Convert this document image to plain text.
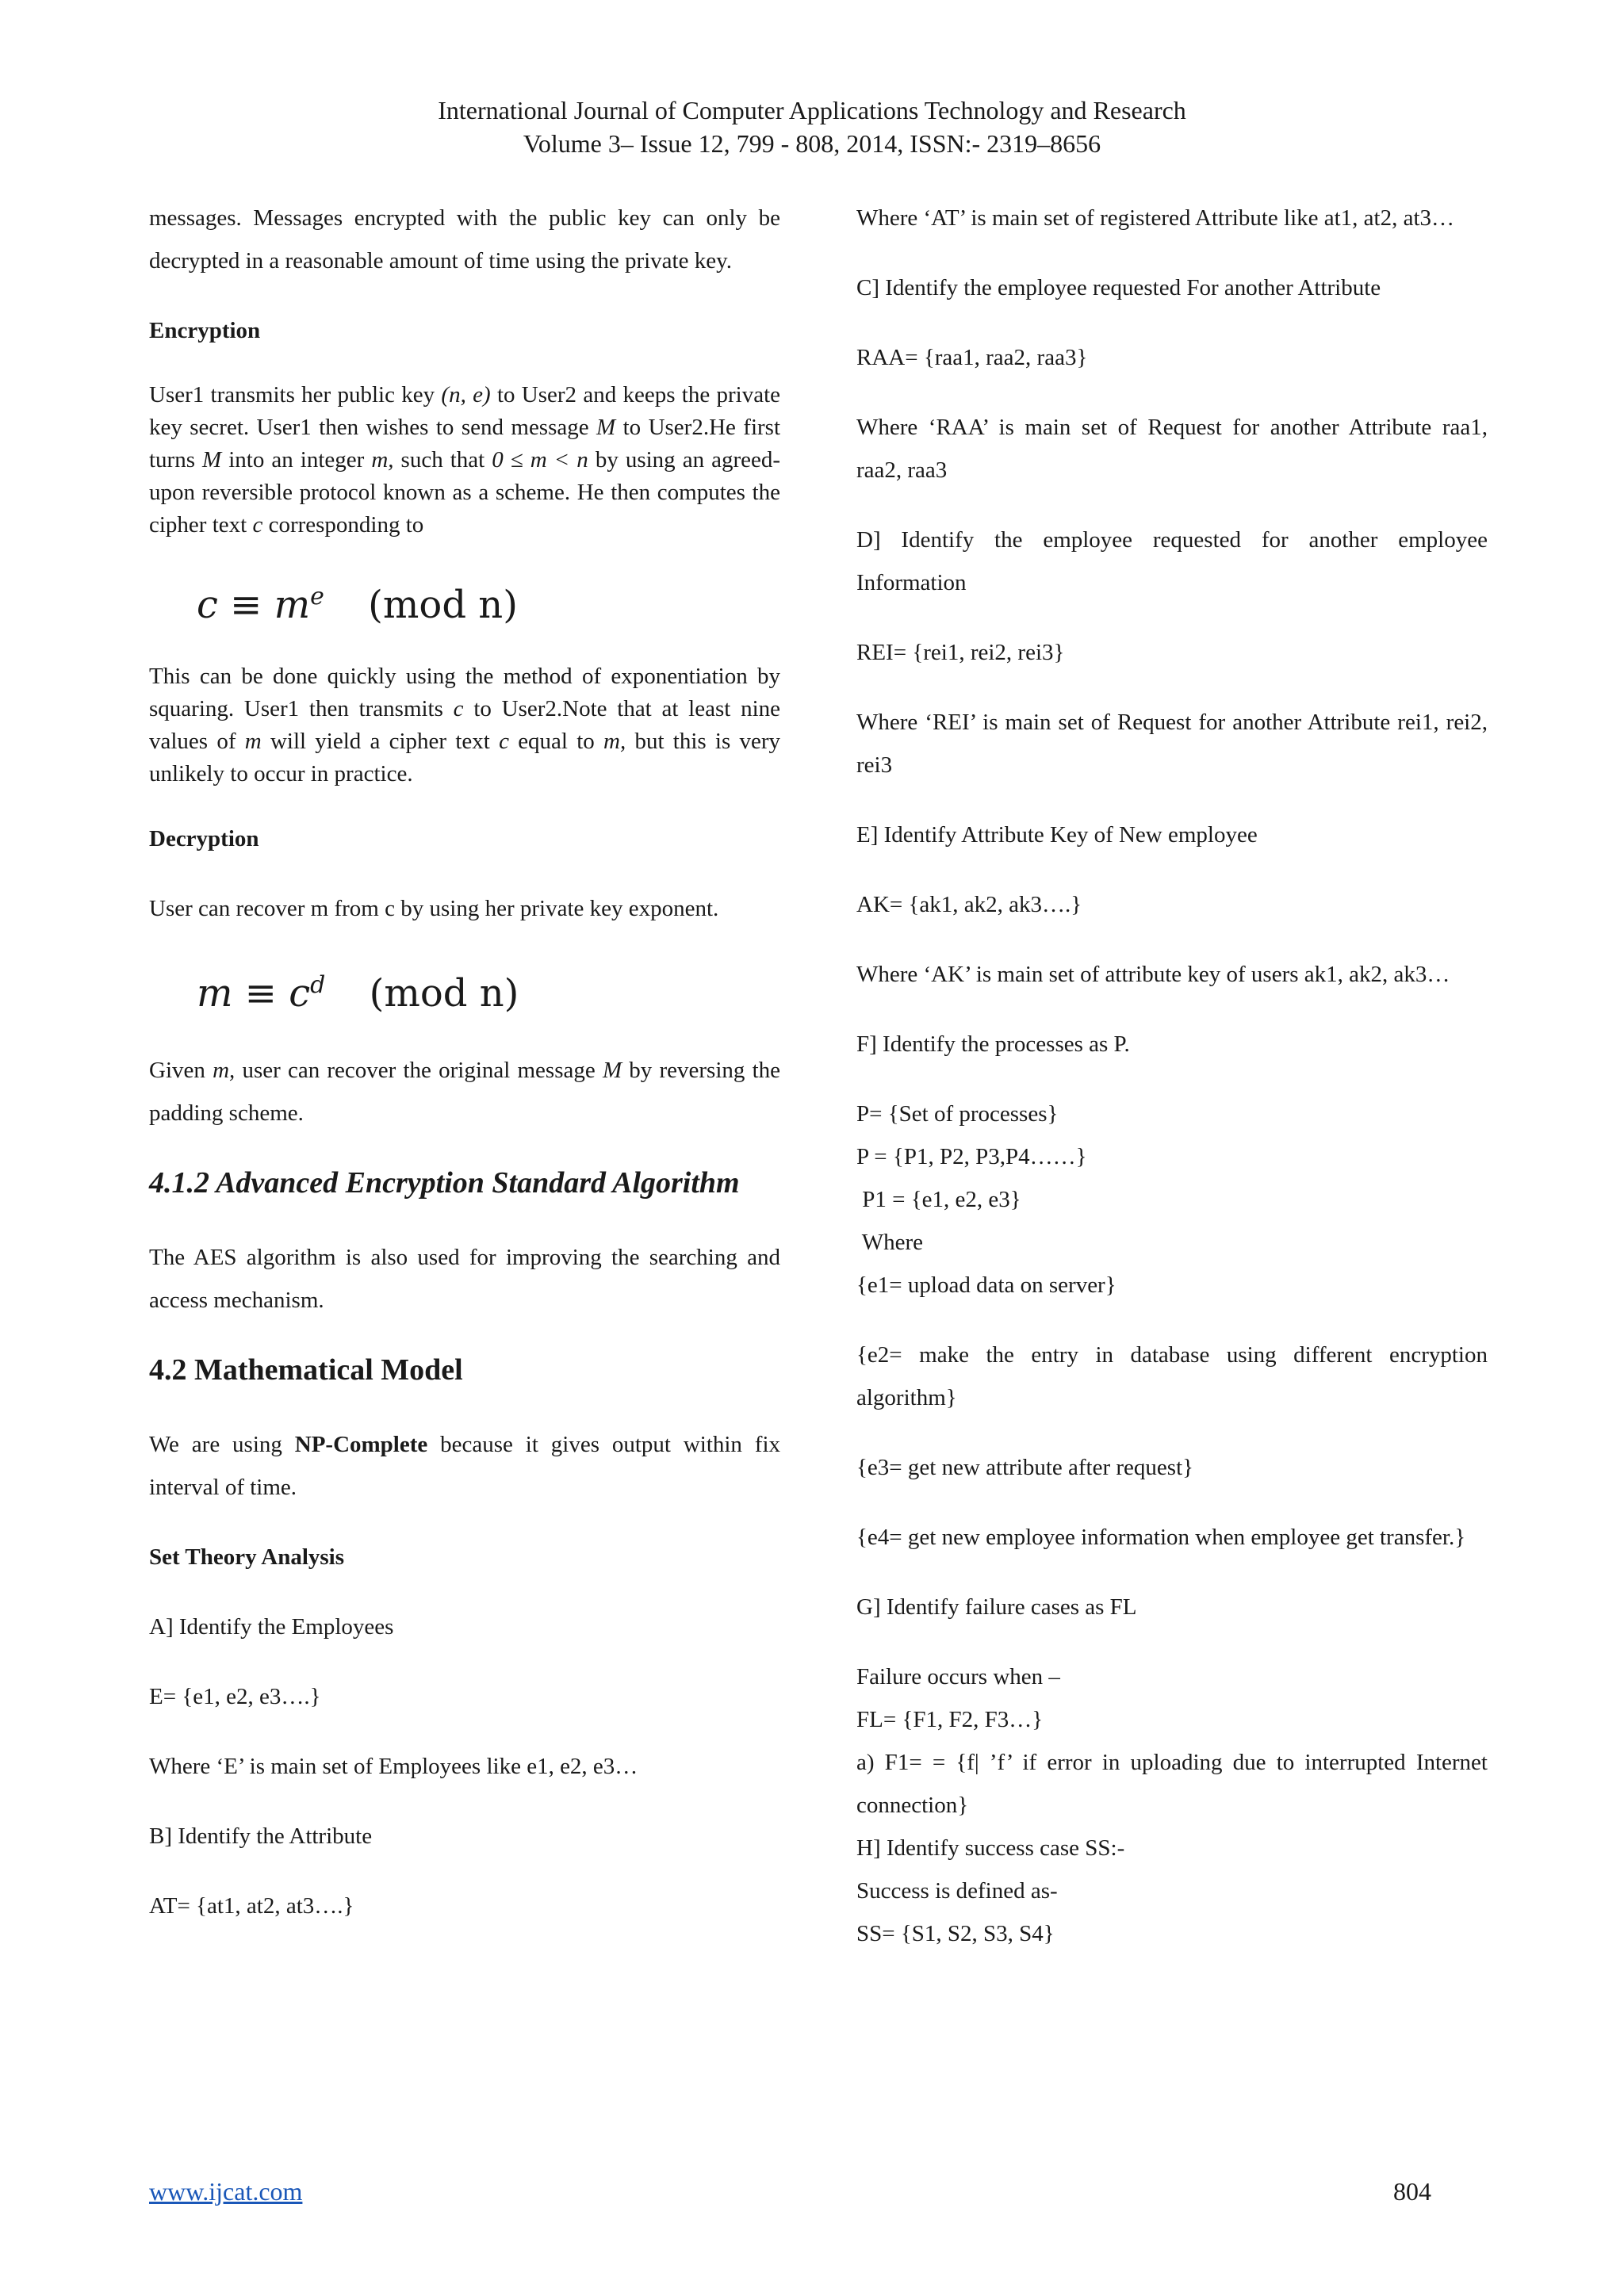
International Journal of Computer Applications Technology and Research
Volume 3– Issue 12, 799 - 808, 2014, ISSN:- 2319–8656

messages. Messages encrypted with the public key can only be decrypted in a reasonable amount of time using the private key.

Encryption

User1 transmits her public key (n, e) to User2 and keeps the private key secret. User1 then wishes to send message M to User2.He first turns M into an integer m, such that 0 ≤ m < n by using an agreed-upon reversible protocol known as a scheme. He then computes the cipher text c corresponding to

$c \equiv m^e$ (mod n)

This can be done quickly using the method of exponentiation by squaring. User1 then transmits c to User2.Note that at least nine values of m will yield a cipher text c equal to m, but this is very unlikely to occur in practice.

Decryption

User can recover m from c by using her private key exponent.

$m \equiv c^d$ (mod n)

Given m, user can recover the original message M by reversing the padding scheme.

4.1.2 Advanced Encryption Standard Algorithm

The AES algorithm is also used for improving the searching and access mechanism.

4.2 Mathematical Model

We are using NP-Complete because it gives output within fix interval of time.

Set Theory Analysis

A] Identify the Employees

E= {e1, e2, e3….}

Where ‘E’ is main set of Employees like e1, e2, e3…

B] Identify the Attribute

AT= {at1, at2, at3….}

Where ‘AT’ is main set of registered Attribute like at1, at2, at3…

C] Identify the employee requested For another Attribute

RAA= {raa1, raa2, raa3}

Where ‘RAA’ is main set of Request for another Attribute raa1, raa2, raa3

D] Identify the employee requested for another employee Information

REI= {rei1, rei2, rei3}

Where ‘REI’ is main set of Request for another Attribute rei1, rei2, rei3

E] Identify Attribute Key of New employee

AK= {ak1, ak2, ak3….}

Where ‘AK’ is main set of attribute key of users ak1, ak2, ak3…

F] Identify the processes as P.

P= {Set of processes}
P = {P1, P2, P3,P4……}
P1 = {e1, e2, e3}
Where
{e1= upload data on server}

{e2= make the entry in database using different encryption algorithm}

{e3= get new attribute after request}

{e4= get new employee information when employee get transfer.}

G] Identify failure cases as FL

Failure occurs when –
FL= {F1, F2, F3…}
a) F1= = {f| ’f’ if error in uploading due to interrupted Internet connection}
H] Identify success case SS:-
Success is defined as-
SS= {S1, S2, S3, S4}
www.ijcat.com	804
